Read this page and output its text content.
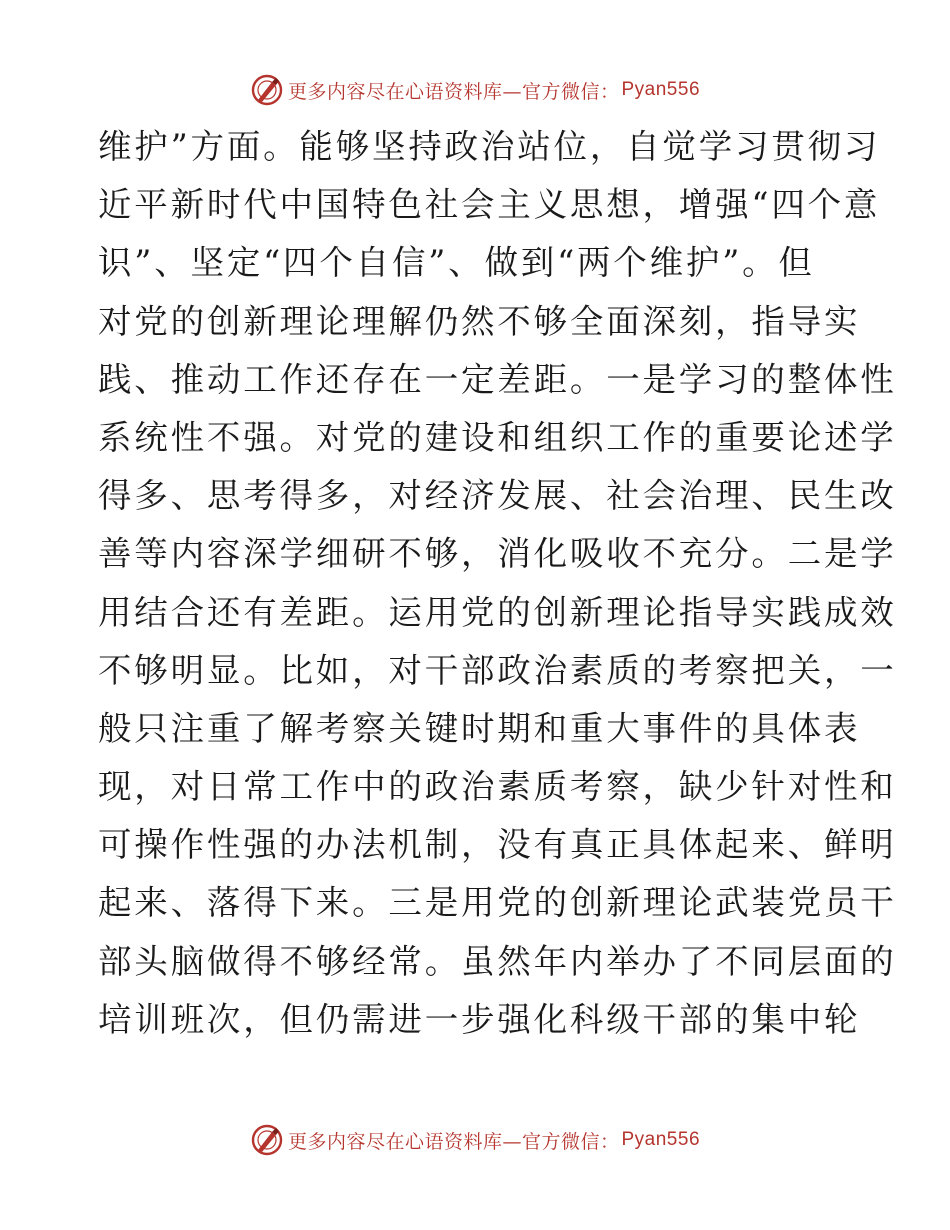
更多内容尽在心语资料库—官方微信： Pyan556
维护”方面。能够坚持政治站位，自觉学习贯彻习
近平新时代中国特色社会主义思想，增强“四个意
识”、坚定“四个自信”、做到“两个维护”。但
对党的创新理论理解仍然不够全面深刻，指导实
践、推动工作还存在一定差距。一是学习的整体性
系统性不强。对党的建设和组织工作的重要论述学
得多、思考得多，对经济发展、社会治理、民生改
善等内容深学细研不够，消化吸收不充分。二是学
用结合还有差距。运用党的创新理论指导实践成效
不够明显。比如，对干部政治素质的考察把关，一
般只注重了解考察关键时期和重大事件的具体表
现，对日常工作中的政治素质考察，缺少针对性和
可操作性强的办法机制，没有真正具体起来、鲜明
起来、落得下来。三是用党的创新理论武装党员干
部头脑做得不够经常。虽然年内举办了不同层面的
培训班次，但仍需进一步强化科级干部的集中轮
更多内容尽在心语资料库—官方微信： Pyan556
